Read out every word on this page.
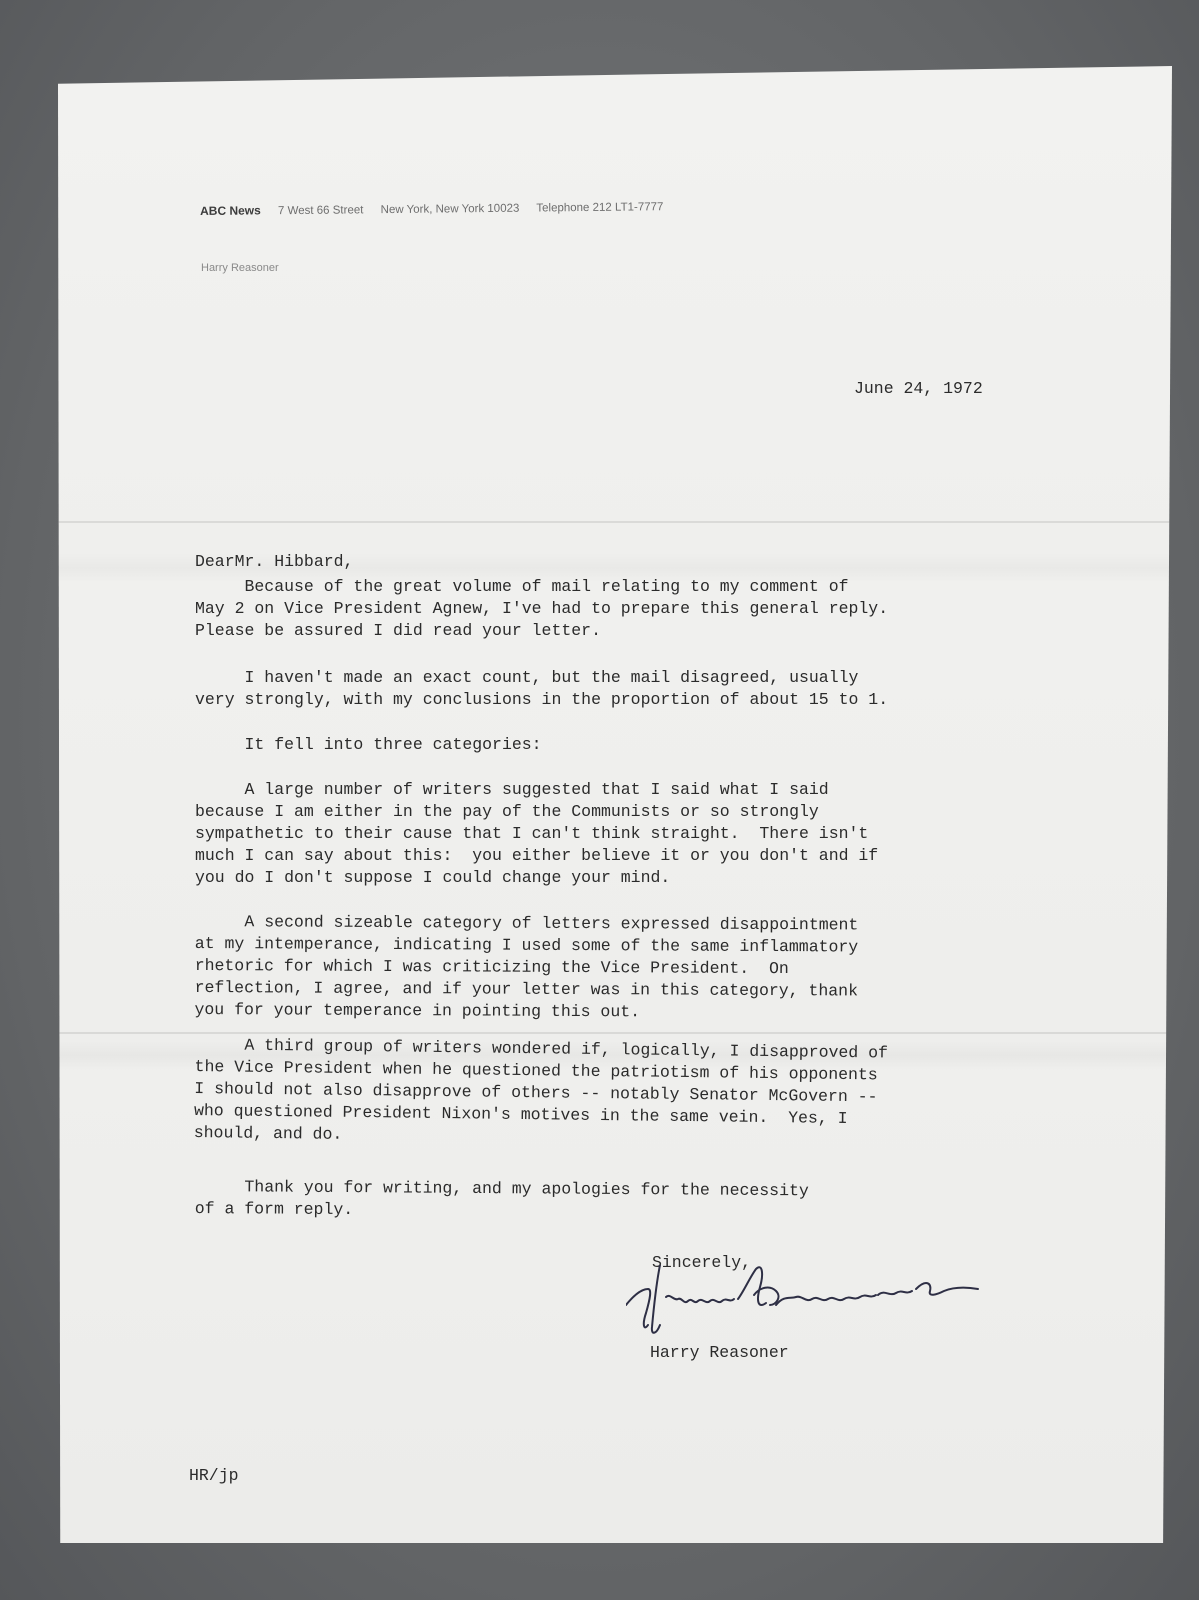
ABC News 7 West 66 Street New York, New York 10023 Telephone 212 LT1-7777
Harry Reasoner
June 24, 1972
DearMr. Hibbard,
Because of the great volume of mail relating to my comment of
May 2 on Vice President Agnew, I've had to prepare this general reply.
Please be assured I did read your letter.
I haven't made an exact count, but the mail disagreed, usually
very strongly, with my conclusions in the proportion of about 15 to 1.
It fell into three categories:
A large number of writers suggested that I said what I said
because I am either in the pay of the Communists or so strongly
sympathetic to their cause that I can't think straight.  There isn't
much I can say about this:  you either believe it or you don't and if
you do I don't suppose I could change your mind.
A second sizeable category of letters expressed disappointment
at my intemperance, indicating I used some of the same inflammatory
rhetoric for which I was criticizing the Vice President.  On
reflection, I agree, and if your letter was in this category, thank
you for your temperance in pointing this out.
A third group of writers wondered if, logically, I disapproved of
the Vice President when he questioned the patriotism of his opponents
I should not also disapprove of others -- notably Senator McGovern --
who questioned President Nixon's motives in the same vein.  Yes, I
should, and do.
Thank you for writing, and my apologies for the necessity
of a form reply.
Sincerely,
Harry Reasoner
HR/jp
